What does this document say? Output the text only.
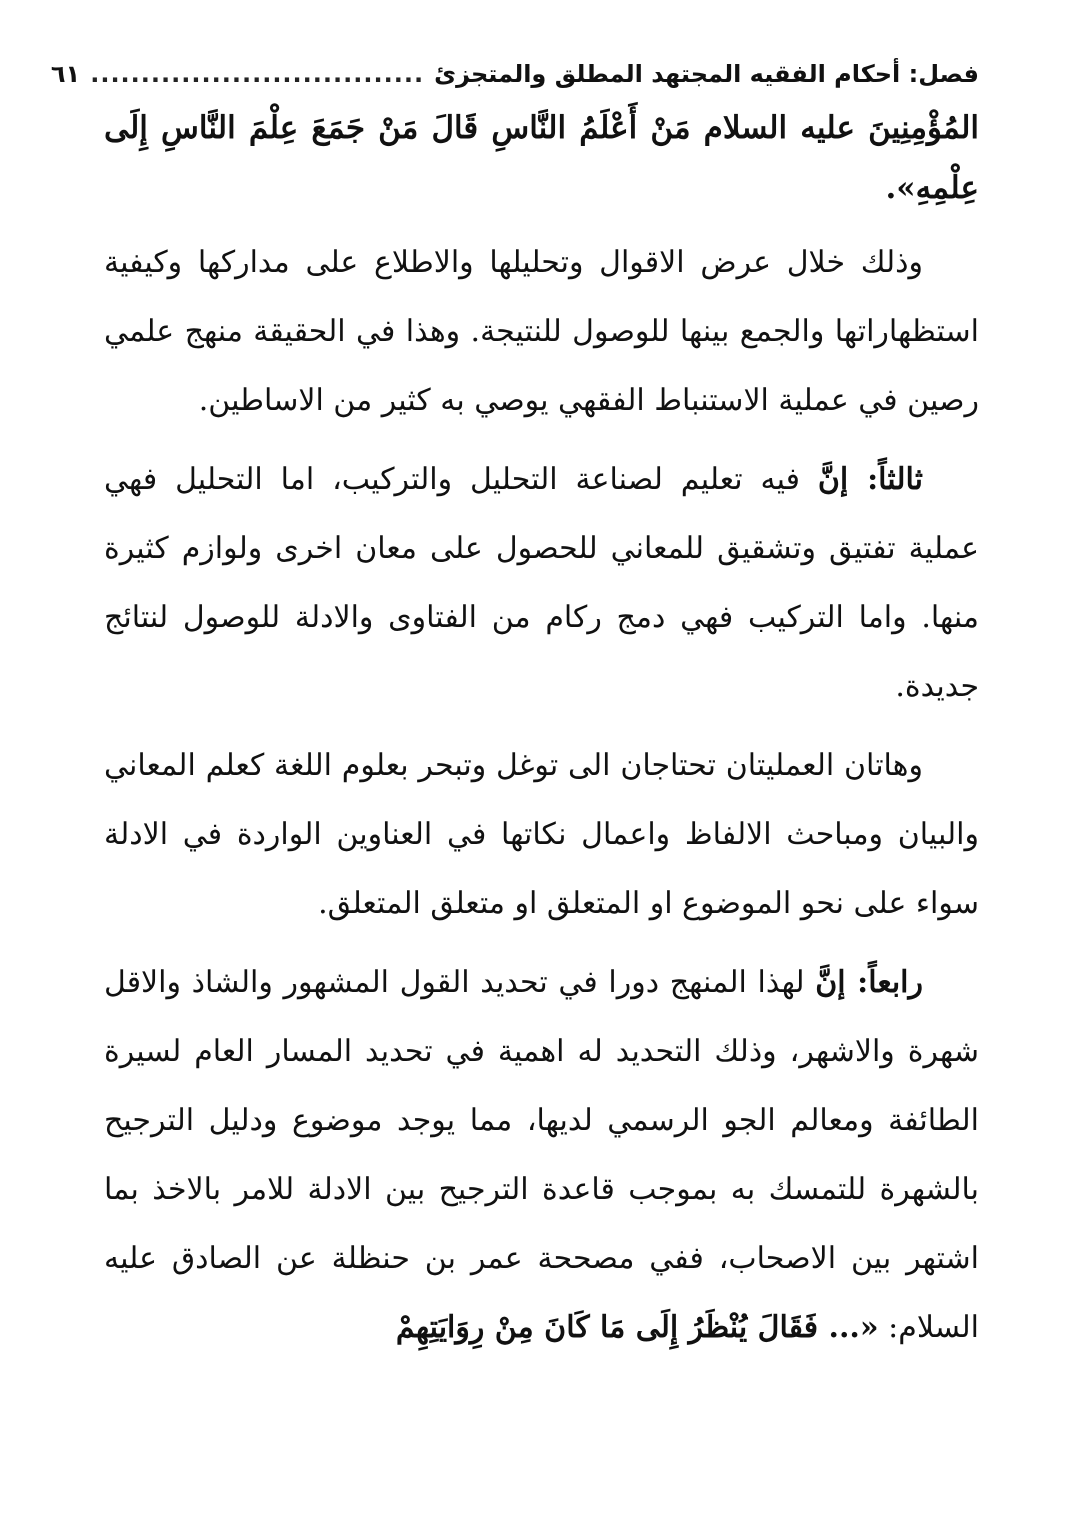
فصل: أحكام الفقيه المجتهد المطلق والمتجزئ
.................................
٦١

المُؤْمِنِينَ عليه السلام مَنْ أَعْلَمُ النَّاسِ قَالَ مَنْ جَمَعَ عِلْمَ النَّاسِ إِلَى عِلْمِهِ».

وذلك خلال عرض الاقوال وتحليلها والاطلاع على مداركها وكيفية استظهاراتها والجمع بينها للوصول للنتيجة. وهذا في الحقيقة منهج علمي رصين في عملية الاستنباط الفقهي يوصي به كثير من الاساطين.

ثالثاً: إنَّ فيه تعليم لصناعة التحليل والتركيب، اما التحليل فهي عملية تفتيق وتشقيق للمعاني للحصول على معان اخرى ولوازم كثيرة منها. واما التركيب فهي دمج ركام من الفتاوى والادلة للوصول لنتائج جديدة.

وهاتان العمليتان تحتاجان الى توغل وتبحر بعلوم اللغة كعلم المعاني والبيان ومباحث الالفاظ واعمال نكاتها في العناوين الواردة في الادلة سواء على نحو الموضوع او المتعلق او متعلق المتعلق.

رابعاً: إنَّ لهذا المنهج دورا في تحديد القول المشهور والشاذ والاقل شهرة والاشهر، وذلك التحديد له اهمية في تحديد المسار العام لسيرة الطائفة ومعالم الجو الرسمي لديها، مما يوجد موضوع ودليل الترجيح بالشهرة للتمسك به بموجب قاعدة الترجيح بين الادلة للامر بالاخذ بما اشتهر بين الاصحاب، ففي مصححة عمر بن حنظلة عن الصادق عليه السلام: «... فَقَالَ يُنْظَرُ إِلَى مَا كَانَ مِنْ رِوَايَتِهِمْ
